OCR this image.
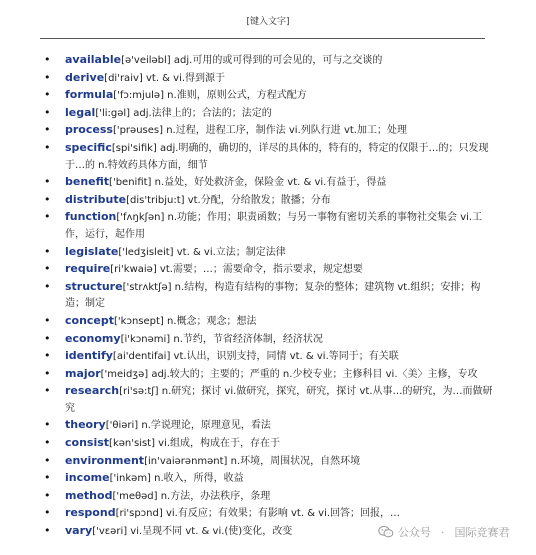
[键入文字]
• available[ə'veiləbl] adj.可用的或可得到的可会见的，可与之交谈的
• derive[di'raiv] vt. & vi.得到源于
• formula['fɔ:mjulə] n.准则，原则公式，方程式配方
• legal['li:gəl] adj.法律上的；合法的；法定的
• process['prəuses] n.过程，进程工序，制作法 vi.列队行进 vt.加工；处理
• specific[spi'sifik] adj.明确的，确切的，详尽的具体的，特有的，特定的仅限于…的；只发现于…的 n.特效药具体方面，细节
• benefit['benifit] n.益处，好处救济金，保险金 vt. & vi.有益于，得益
• distribute[dis'tribju:t] vt.分配，分给散发；散播；分布
• function['fʌŋkʃən] n.功能；作用；职责函数；与另一事物有密切关系的事物社交集会 vi.工作，运行，起作用
• legislate['ledʒisleit] vt. & vi.立法；制定法律
• require[ri'kwaiə] vt.需要；…；需要命令，指示要求，规定想要
• structure['strʌktʃə] n.结构，构造有结构的事物；复杂的整体；建筑物 vt.组织；安排；构造；制定
• concept['kɔnsept] n.概念；观念；想法
• economy[i'kɔnəmi] n.节约，节省经济体制，经济状况
• identify[ai'dentifai] vt.认出，识别支持，同情 vt. & vi.等同于；有关联
• major['meidʒə] adj.较大的；主要的；严重的 n.少校专业；主修科目 vi.〈美〉主修，专攻
• research[ri'sə:tʃ] n.研究；探讨 vi.做研究，探究，研究，探讨 vt.从事…的研究，为…而做研究
• theory['θiəri] n.学说理论，原理意见，看法
• consist[kən'sist] vi.组成，构成在于，存在于
• environment[in'vaiərənmənt] n.环境，周围状况，自然环境
• income['inkəm] n.收入，所得，收益
• method['meθəd] n.方法，办法秩序，条理
• respond[ri'spɔnd] vi.有反应；有效果；有影响 vt. & vi.回答；回报，…
• vary['vɛəri] vi.呈现不同 vt. & vi.(使)变化，改变	公众号 · 国际竞赛君
